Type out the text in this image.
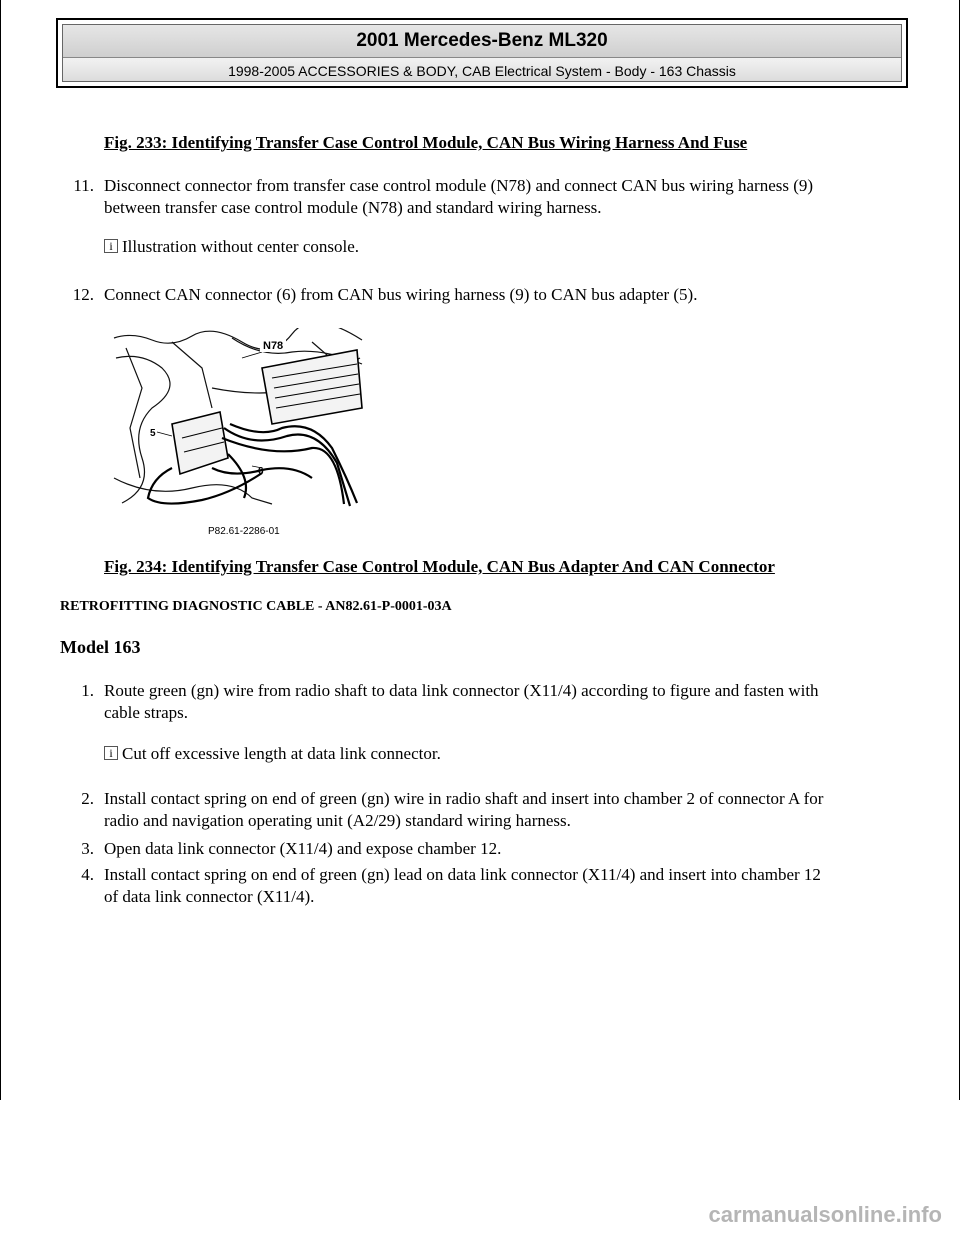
2001 Mercedes-Benz ML320
1998-2005 ACCESSORIES & BODY, CAB Electrical System - Body - 163 Chassis
Fig. 233: Identifying Transfer Case Control Module, CAN Bus Wiring Harness And Fuse
11. Disconnect connector from transfer case control module (N78) and connect CAN bus wiring harness (9)
between transfer case control module (N78) and standard wiring harness.
i Illustration without center console.
12. Connect CAN connector (6) from CAN bus wiring harness (9) to CAN bus adapter (5).
N78
5
6
P82.61-2286-01
Fig. 234: Identifying Transfer Case Control Module, CAN Bus Adapter And CAN Connector
RETROFITTING DIAGNOSTIC CABLE - AN82.61-P-0001-03A
Model 163
1. Route green (gn) wire from radio shaft to data link connector (X11/4) according to figure and fasten with
cable straps.
i Cut off excessive length at data link connector.
2. Install contact spring on end of green (gn) wire in radio shaft and insert into chamber 2 of connector A for
radio and navigation operating unit (A2/29) standard wiring harness.
3. Open data link connector (X11/4) and expose chamber 12.
4. Install contact spring on end of green (gn) lead on data link connector (X11/4) and insert into chamber 12
of data link connector (X11/4).
carmanualsonline.info
